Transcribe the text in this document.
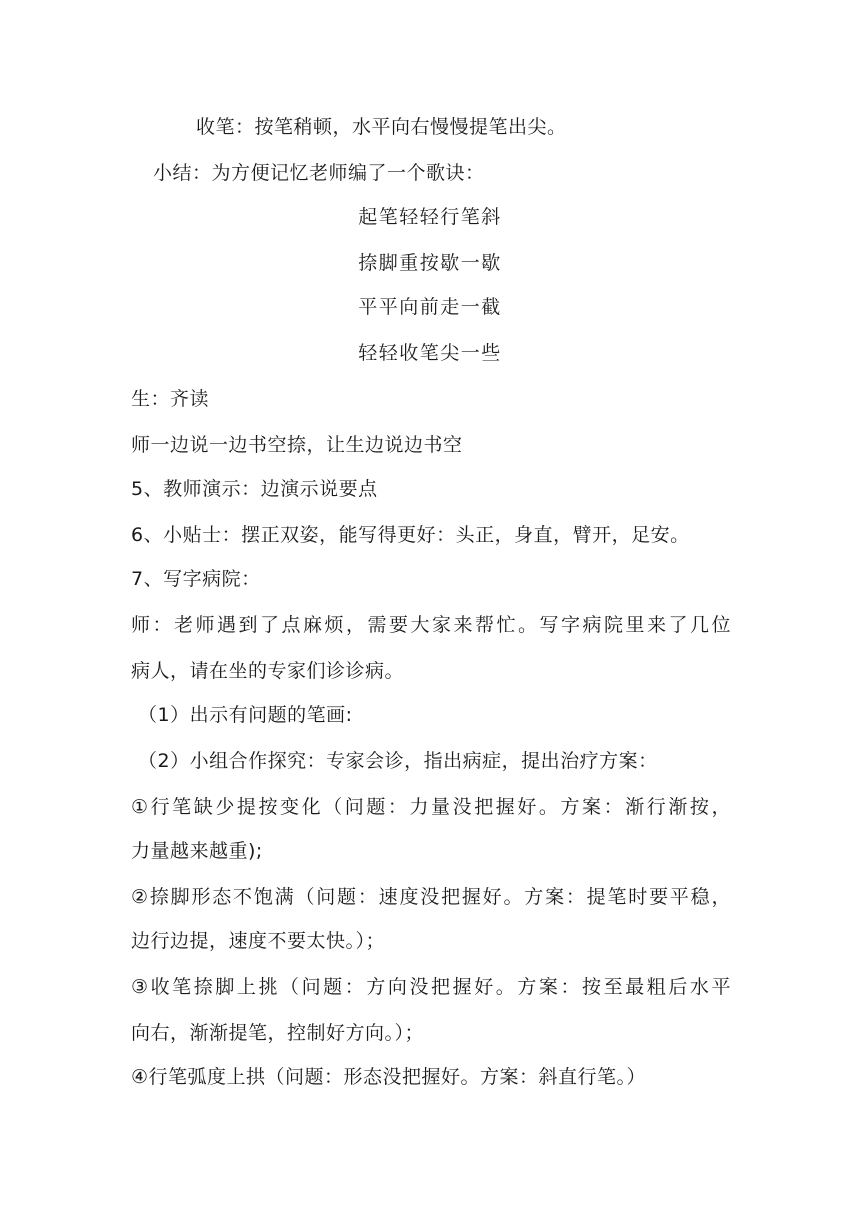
收笔：按笔稍顿，水平向右慢慢提笔出尖。
小结：为方便记忆老师编了一个歌诀：
起笔轻轻行笔斜
捺脚重按歇一歇
平平向前走一截
轻轻收笔尖一些
生：齐读
师一边说一边书空捺，让生边说边书空
5、教师演示：边演示说要点
6、小贴士：摆正双姿，能写得更好：头正，身直，臂开，足安。
7、写字病院：
师：老师遇到了点麻烦，需要大家来帮忙。写字病院里来了几位
病人，请在坐的专家们诊诊病。
（1）出示有问题的笔画:
（2）小组合作探究：专家会诊，指出病症，提出治疗方案：
①行笔缺少提按变化（问题：力量没把握好。方案：渐行渐按，
力量越来越重);
②捺脚形态不饱满（问题：速度没把握好。方案：提笔时要平稳，
边行边提，速度不要太快。）；
③收笔捺脚上挑（问题：方向没把握好。方案：按至最粗后水平
向右，渐渐提笔，控制好方向。）；
④行笔弧度上拱（问题：形态没把握好。方案：斜直行笔。）
